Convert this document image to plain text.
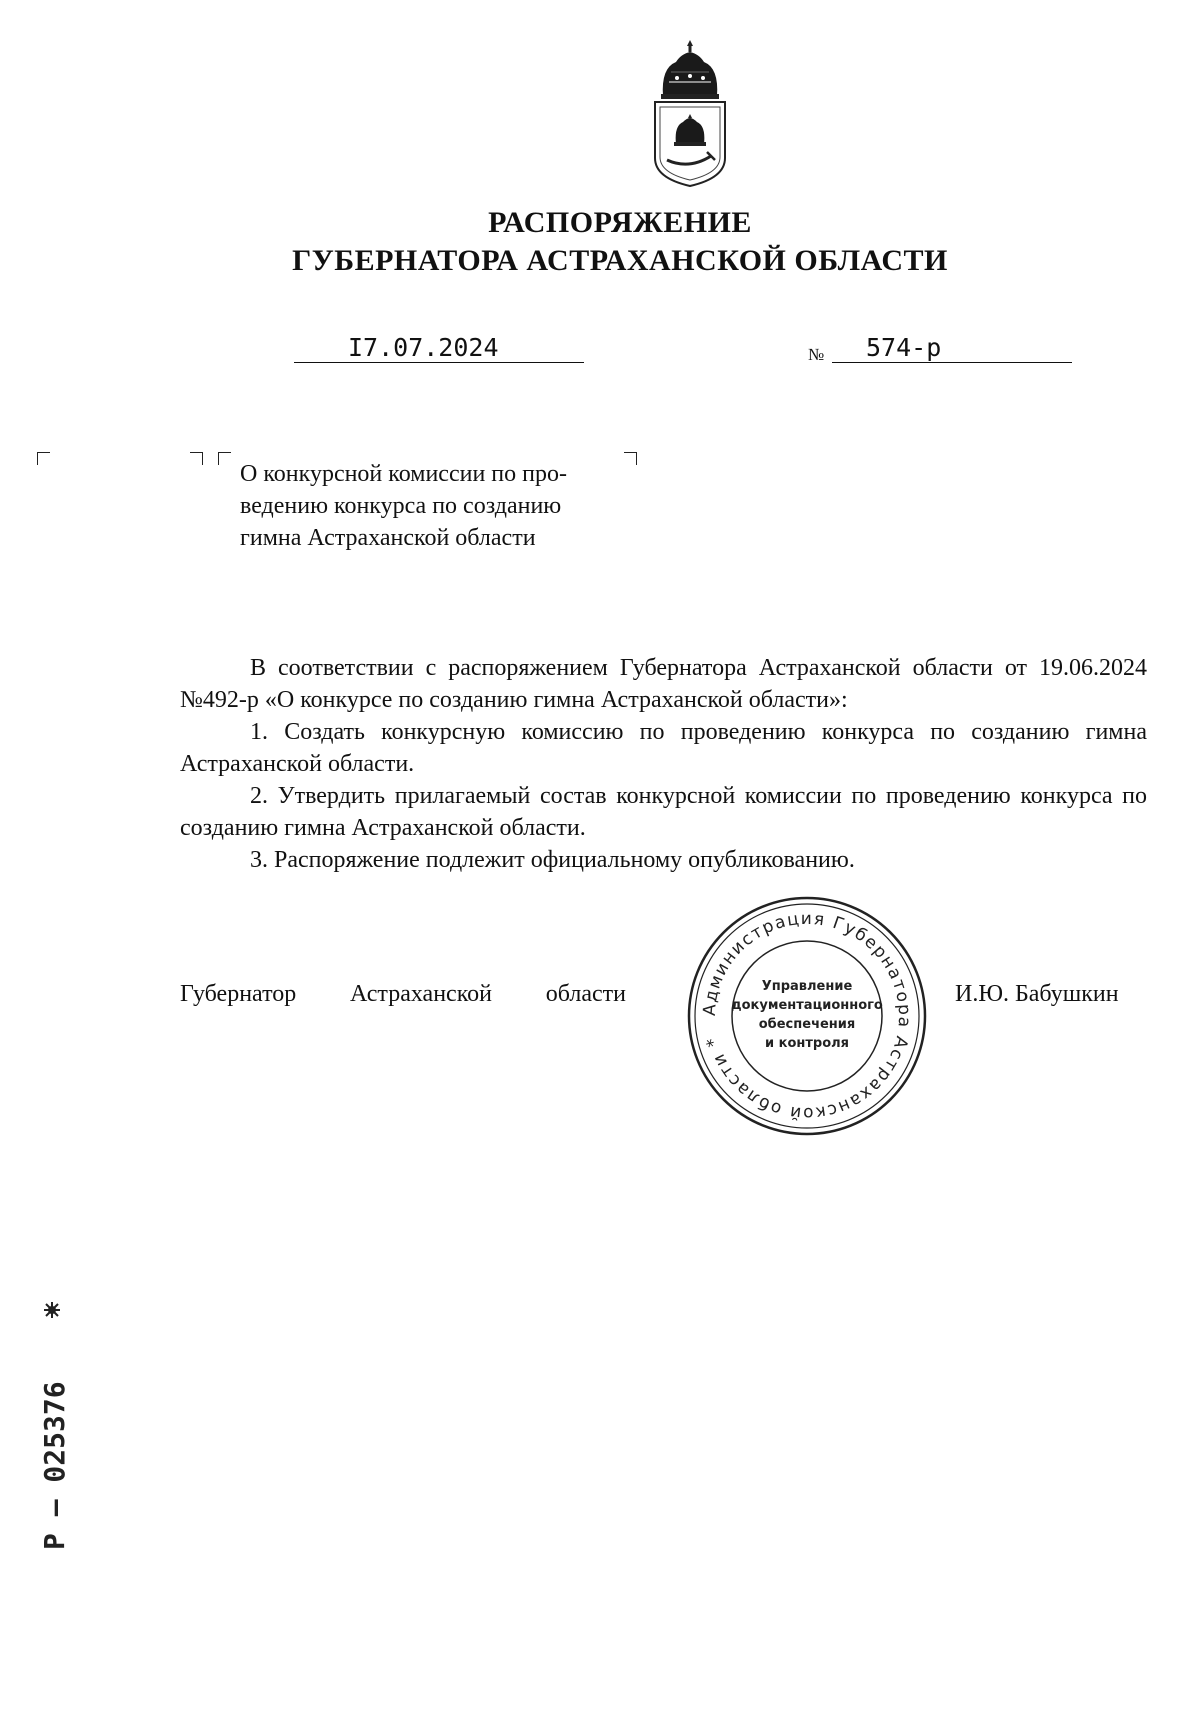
РАСПОРЯЖЕНИЕ
ГУБЕРНАТОРА АСТРАХАНСКОЙ ОБЛАСТИ
I7.07.2024	№ 574-р
О конкурсной комиссии по про-
ведению конкурса по созданию
гимна Астраханской области
В соответствии с распоряжением Губернатора Астраханской области от 19.06.2024 №492-р «О конкурсе по созданию гимна Астраханской области»:
1. Создать конкурсную комиссию по проведению конкурса по созданию гимна Астраханской области.
2. Утвердить прилагаемый состав конкурсной комиссии по проведению конкурса по созданию гимна Астраханской области.
3. Распоряжение подлежит официальному опубликованию.
Губернатор Астраханской области	И.Ю. Бабушкин
Администрация Губернатора Астраханской области *
Управление
документационного
обеспечения
и контроля
Р – 025376
